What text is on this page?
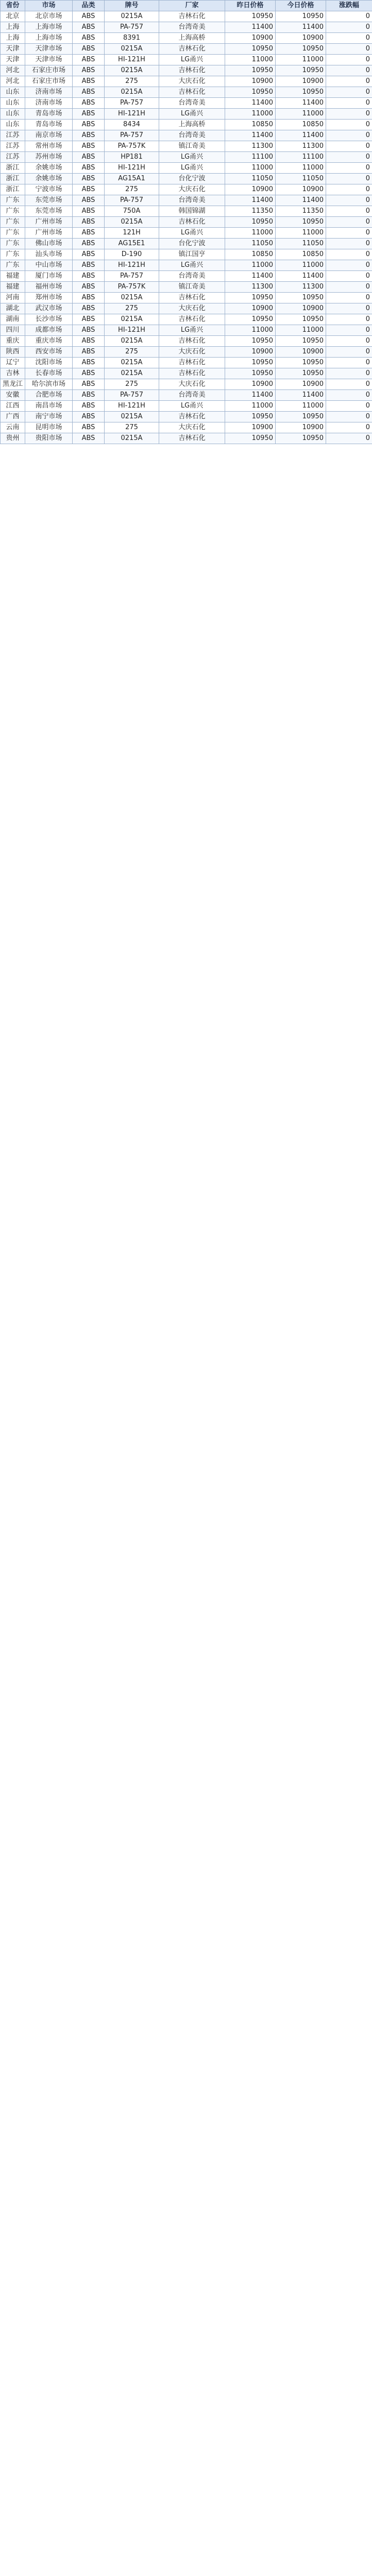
省份	市场	品类	牌号	厂家	昨日价格	今日价格	涨跌幅
北京	北京市场	ABS	0215A	吉林石化	10950	10950	0
上海	上海市场	ABS	PA-757	台湾奇美	11400	11400	0
上海	上海市场	ABS	8391	上海高桥	10900	10900	0
天津	天津市场	ABS	0215A	吉林石化	10950	10950	0
天津	天津市场	ABS	HI-121H	LG甬兴	11000	11000	0
河北	石家庄市场	ABS	0215A	吉林石化	10950	10950	0
河北	石家庄市场	ABS	275	大庆石化	10900	10900	0
山东	济南市场	ABS	0215A	吉林石化	10950	10950	0
山东	济南市场	ABS	PA-757	台湾奇美	11400	11400	0
山东	青岛市场	ABS	HI-121H	LG甬兴	11000	11000	0
山东	青岛市场	ABS	8434	上海高桥	10850	10850	0
江苏	南京市场	ABS	PA-757	台湾奇美	11400	11400	0
江苏	常州市场	ABS	PA-757K	镇江奇美	11300	11300	0
江苏	苏州市场	ABS	HP181	LG甬兴	11100	11100	0
浙江	余姚市场	ABS	HI-121H	LG甬兴	11000	11000	0
浙江	余姚市场	ABS	AG15A1	台化宁波	11050	11050	0
浙江	宁波市场	ABS	275	大庆石化	10900	10900	0
广东	东莞市场	ABS	PA-757	台湾奇美	11400	11400	0
广东	东莞市场	ABS	750A	韩国锦湖	11350	11350	0
广东	广州市场	ABS	0215A	吉林石化	10950	10950	0
广东	广州市场	ABS	121H	LG甬兴	11000	11000	0
广东	佛山市场	ABS	AG15E1	台化宁波	11050	11050	0
广东	汕头市场	ABS	D-190	镇江国亨	10850	10850	0
广东	中山市场	ABS	HI-121H	LG甬兴	11000	11000	0
福建	厦门市场	ABS	PA-757	台湾奇美	11400	11400	0
福建	福州市场	ABS	PA-757K	镇江奇美	11300	11300	0
河南	郑州市场	ABS	0215A	吉林石化	10950	10950	0
湖北	武汉市场	ABS	275	大庆石化	10900	10900	0
湖南	长沙市场	ABS	0215A	吉林石化	10950	10950	0
四川	成都市场	ABS	HI-121H	LG甬兴	11000	11000	0
重庆	重庆市场	ABS	0215A	吉林石化	10950	10950	0
陕西	西安市场	ABS	275	大庆石化	10900	10900	0
辽宁	沈阳市场	ABS	0215A	吉林石化	10950	10950	0
吉林	长春市场	ABS	0215A	吉林石化	10950	10950	0
黑龙江	哈尔滨市场	ABS	275	大庆石化	10900	10900	0
安徽	合肥市场	ABS	PA-757	台湾奇美	11400	11400	0
江西	南昌市场	ABS	HI-121H	LG甬兴	11000	11000	0
广西	南宁市场	ABS	0215A	吉林石化	10950	10950	0
云南	昆明市场	ABS	275	大庆石化	10900	10900	0
贵州	贵阳市场	ABS	0215A	吉林石化	10950	10950	0
